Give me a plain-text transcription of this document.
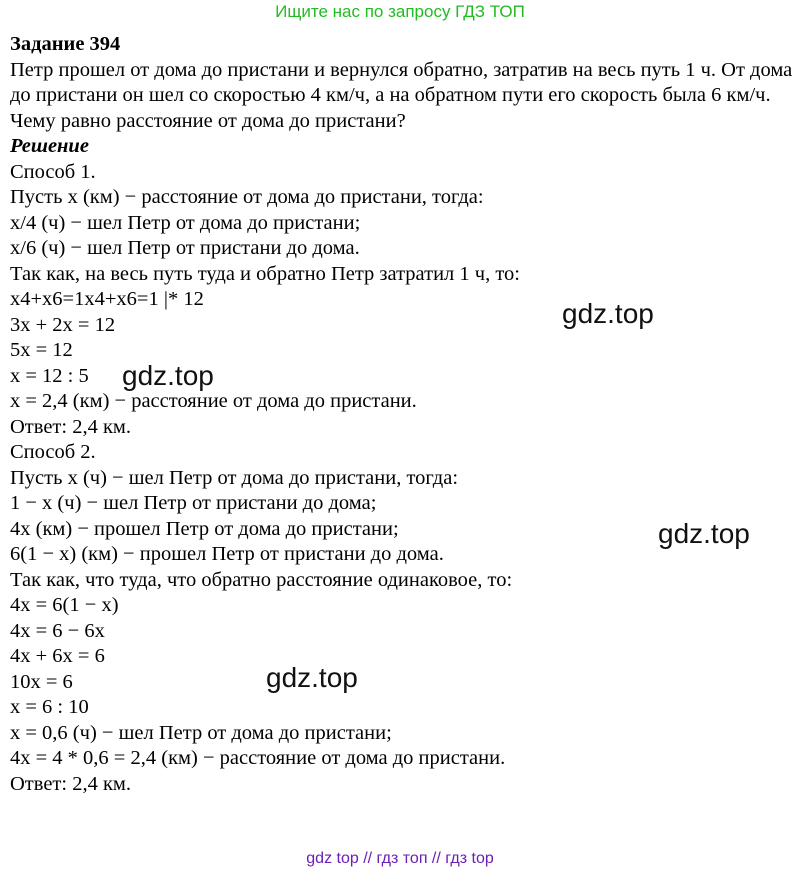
Ищите нас по запросу ГДЗ ТОП
Задание 394
Петр прошел от дома до пристани и вернулся обратно, затратив на весь путь 1 ч. От дома до пристани он шел со скоростью 4 км/ч, а на обратном пути его скорость была 6 км/ч. Чему равно расстояние от дома до пристани?
Решение
Способ 1.
Пусть x (км) − расстояние от дома до пристани, тогда:
x/4 (ч) − шел Петр от дома до пристани;
x/6 (ч) − шел Петр от пристани до дома.
Так как, на весь путь туда и обратно Петр затратил 1 ч, то:
x4+x6=1x4+x6=1 |* 12
3x + 2x = 12
5x = 12
x = 12 : 5
x = 2,4 (км) − расстояние от дома до пристани.
Ответ: 2,4 км.
Способ 2.
Пусть x (ч) − шел Петр от дома до пристани, тогда:
1 − x (ч) − шел Петр от пристани до дома;
4x (км) − прошел Петр от дома до пристани;
6(1 − x) (км) − прошел Петр от пристани до дома.
Так как, что туда, что обратно расстояние одинаковое, то:
4x = 6(1 − x)
4x = 6 − 6x
4x + 6x = 6
10x = 6
x = 6 : 10
x = 0,6 (ч) − шел Петр от дома до пристани;
4x = 4 * 0,6 = 2,4 (км) − расстояние от дома до пристани.
Ответ: 2,4 км.
gdz.top
gdz.top
gdz.top
gdz.top
gdz top // гдз топ // гдз top
